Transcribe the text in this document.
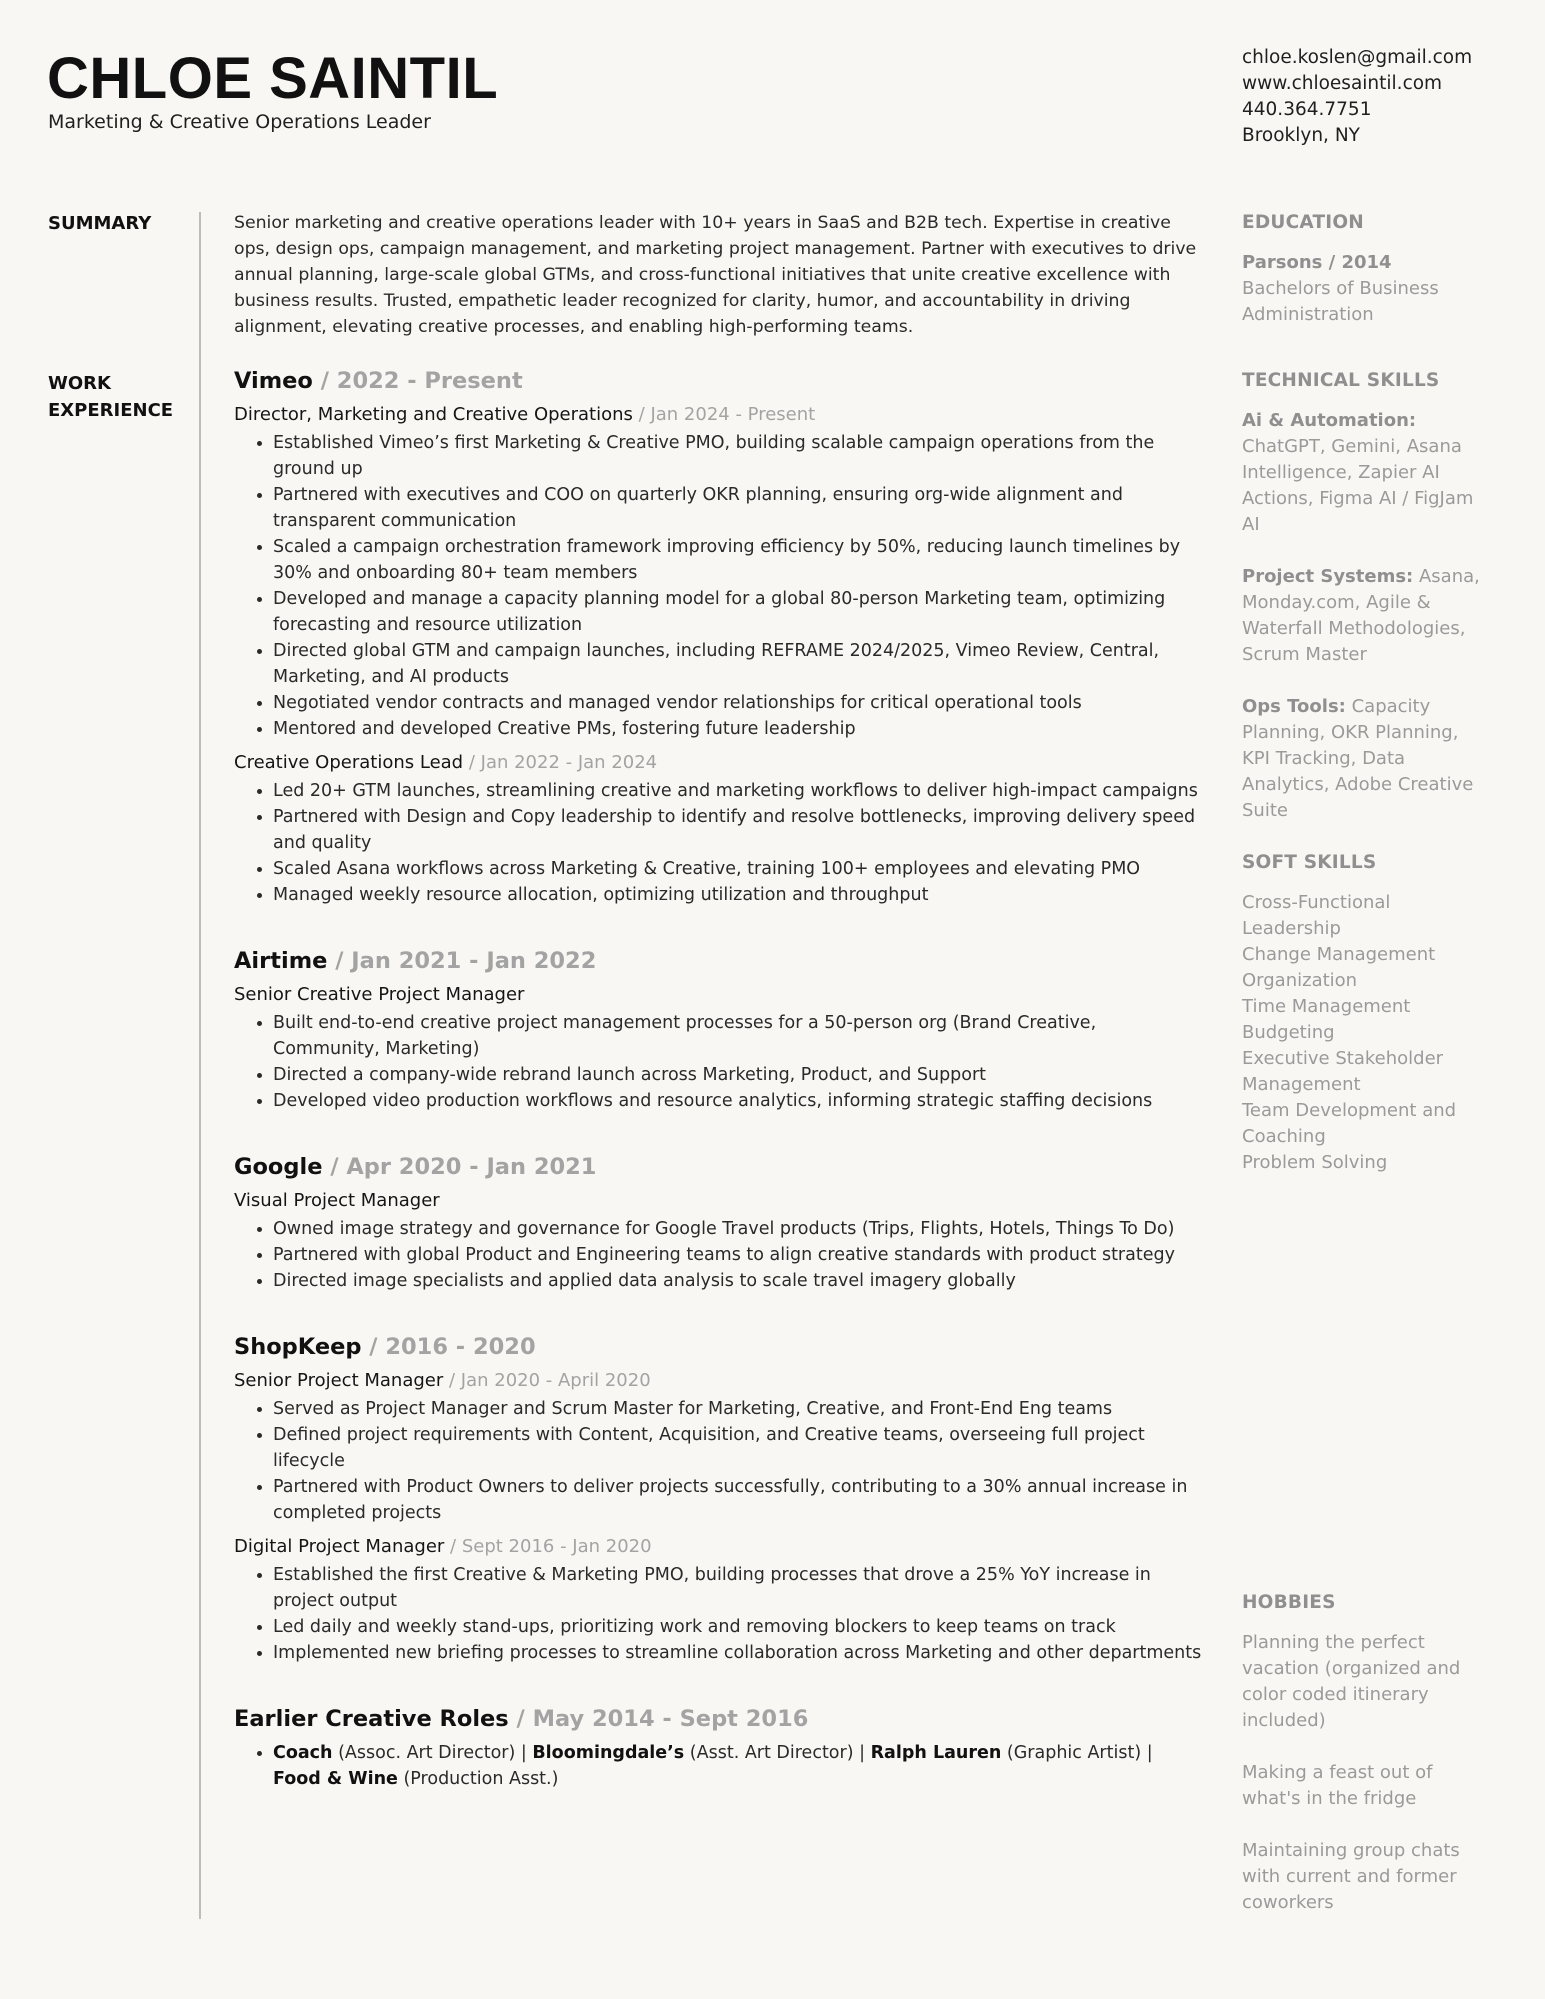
CHLOE SAINTIL
Marketing & Creative Operations Leader
chloe.koslen@gmail.com
www.chloesaintil.com
440.364.7751
Brooklyn, NY
SUMMARY
WORK
EXPERIENCE

Senior marketing and creative operations leader with 10+ years in SaaS and B2B tech. Expertise in creative ops, design ops, campaign management, and marketing project management. Partner with executives to drive annual planning, large-scale global GTMs, and cross-functional initiatives that unite creative excellence with business results. Trusted, empathetic leader recognized for clarity, humor, and accountability in driving alignment, elevating creative processes, and enabling high-performing teams.

Vimeo / 2022 - Present
Director, Marketing and Creative Operations / Jan 2024 - Present
• Established Vimeo’s first Marketing & Creative PMO, building scalable campaign operations from the ground up
• Partnered with executives and COO on quarterly OKR planning, ensuring org-wide alignment and transparent communication
• Scaled a campaign orchestration framework improving efficiency by 50%, reducing launch timelines by 30% and onboarding 80+ team members
• Developed and manage a capacity planning model for a global 80-person Marketing team, optimizing forecasting and resource utilization
• Directed global GTM and campaign launches, including REFRAME 2024/2025, Vimeo Review, Central, Marketing, and AI products
• Negotiated vendor contracts and managed vendor relationships for critical operational tools
• Mentored and developed Creative PMs, fostering future leadership
Creative Operations Lead / Jan 2022 - Jan 2024
• Led 20+ GTM launches, streamlining creative and marketing workflows to deliver high-impact campaigns
• Partnered with Design and Copy leadership to identify and resolve bottlenecks, improving delivery speed and quality
• Scaled Asana workflows across Marketing & Creative, training 100+ employees and elevating PMO
• Managed weekly resource allocation, optimizing utilization and throughput
Airtime / Jan 2021 - Jan 2022
Senior Creative Project Manager
• Built end-to-end creative project management processes for a 50-person org (Brand Creative, Community, Marketing)
• Directed a company-wide rebrand launch across Marketing, Product, and Support
• Developed video production workflows and resource analytics, informing strategic staffing decisions
Google / Apr 2020 - Jan 2021
Visual Project Manager
• Owned image strategy and governance for Google Travel products (Trips, Flights, Hotels, Things To Do)
• Partnered with global Product and Engineering teams to align creative standards with product strategy
• Directed image specialists and applied data analysis to scale travel imagery globally
ShopKeep / 2016 - 2020
Senior Project Manager / Jan 2020 - April 2020
• Served as Project Manager and Scrum Master for Marketing, Creative, and Front-End Eng teams
• Defined project requirements with Content, Acquisition, and Creative teams, overseeing full project lifecycle
• Partnered with Product Owners to deliver projects successfully, contributing to a 30% annual increase in completed projects
Digital Project Manager / Sept 2016 - Jan 2020
• Established the first Creative & Marketing PMO, building processes that drove a 25% YoY increase in project output
• Led daily and weekly stand-ups, prioritizing work and removing blockers to keep teams on track
• Implemented new briefing processes to streamline collaboration across Marketing and other departments
Earlier Creative Roles / May 2014 - Sept 2016
• Coach (Assoc. Art Director) | Bloomingdale’s (Asst. Art Director) | Ralph Lauren (Graphic Artist) | Food & Wine (Production Asst.)
EDUCATION
Parsons / 2014
Bachelors of Business Administration
TECHNICAL SKILLS
Ai & Automation: ChatGPT, Gemini, Asana Intelligence, Zapier AI Actions, Figma AI / FigJam AI
Project Systems: Asana, Monday.com, Agile & Waterfall Methodologies, Scrum Master
Ops Tools: Capacity Planning, OKR Planning, KPI Tracking, Data Analytics, Adobe Creative Suite
SOFT SKILLS
Cross-Functional Leadership
Change Management
Organization
Time Management
Budgeting
Executive Stakeholder Management
Team Development and Coaching
Problem Solving
HOBBIES
Planning the perfect vacation (organized and color coded itinerary included)
Making a feast out of what's in the fridge
Maintaining group chats with current and former coworkers
